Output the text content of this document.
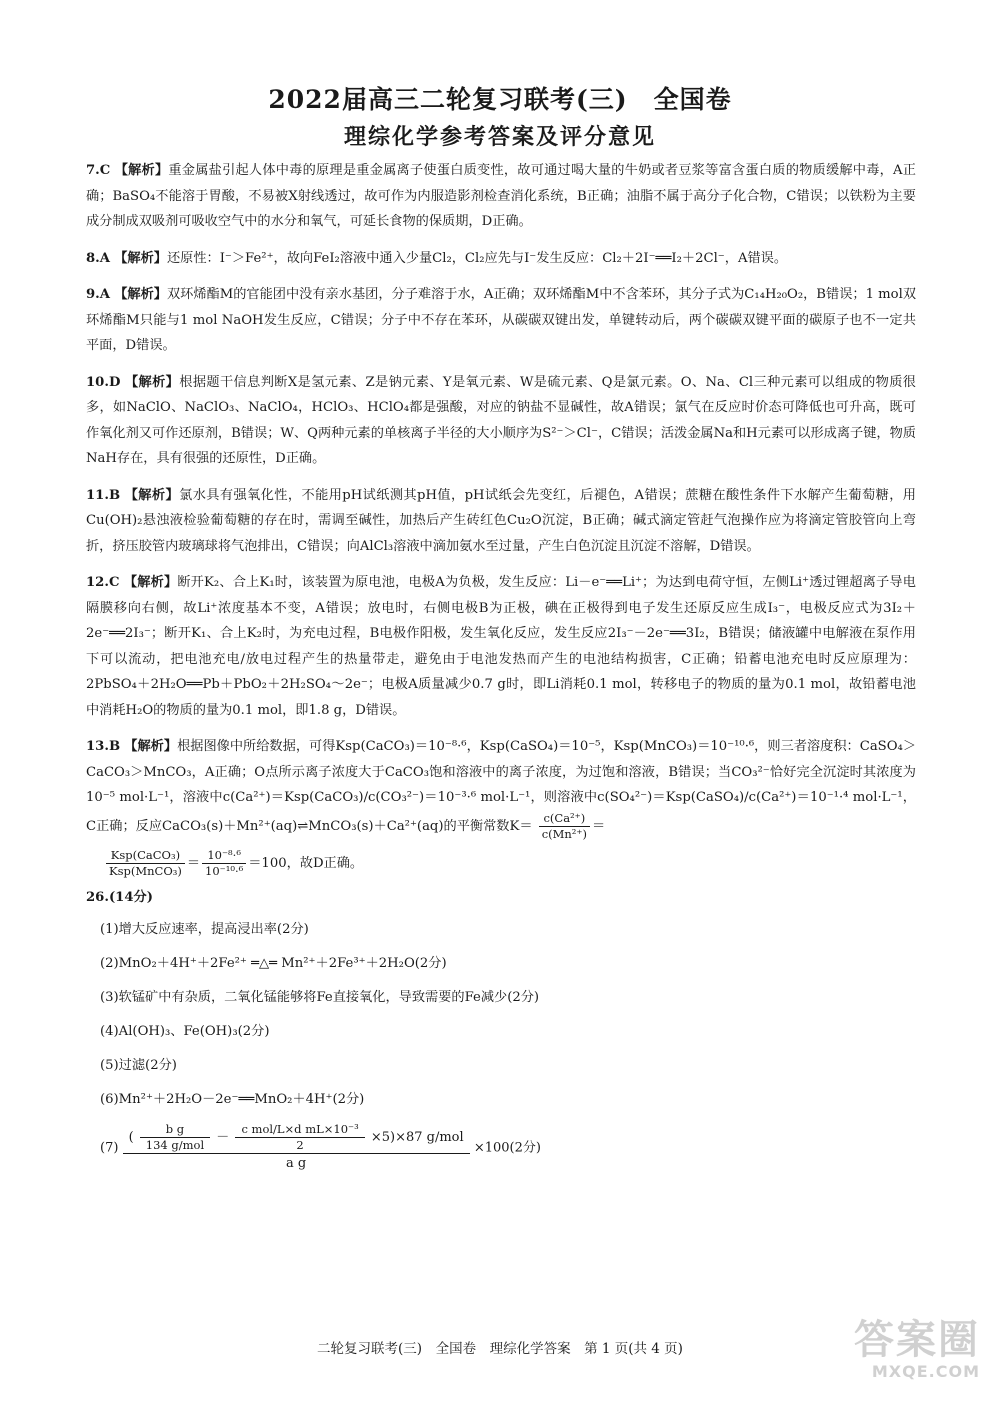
2022届高三二轮复习联考(三)　全国卷
理综化学参考答案及评分意见

7.C 【解析】重金属盐引起人体中毒的原理是重金属离子使蛋白质变性，故可通过喝大量的牛奶或者豆浆等富含蛋白质的物质缓解中毒，A正确；BaSO₄不能溶于胃酸，不易被X射线透过，故可作为内服造影剂检查消化系统，B正确；油脂不属于高分子化合物，C错误；以铁粉为主要成分制成双吸剂可吸收空气中的水分和氧气，可延长食物的保质期，D正确。

8.A 【解析】还原性：I⁻＞Fe²⁺，故向FeI₂溶液中通入少量Cl₂，Cl₂应先与I⁻发生反应：Cl₂＋2I⁻══I₂＋2Cl⁻，A错误。

9.A 【解析】双环烯酯M的官能团中没有亲水基团，分子难溶于水，A正确；双环烯酯M中不含苯环，其分子式为C₁₄H₂₀O₂，B错误；1 mol双环烯酯M只能与1 mol NaOH发生反应，C错误；分子中不存在苯环，从碳碳双键出发，单键转动后，两个碳碳双键平面的碳原子也不一定共平面，D错误。

10.D 【解析】根据题干信息判断X是氢元素、Z是钠元素、Y是氧元素、W是硫元素、Q是氯元素。O、Na、Cl三种元素可以组成的物质很多，如NaClO、NaClO₃、NaClO₄，HClO₃、HClO₄都是强酸，对应的钠盐不显碱性，故A错误；氯气在反应时价态可降低也可升高，既可作氧化剂又可作还原剂，B错误；W、Q两种元素的单核离子半径的大小顺序为S²⁻＞Cl⁻，C错误；活泼金属Na和H元素可以形成离子键，物质NaH存在，具有很强的还原性，D正确。

11.B 【解析】氯水具有强氧化性，不能用pH试纸测其pH值，pH试纸会先变红，后褪色，A错误；蔗糖在酸性条件下水解产生葡萄糖，用Cu(OH)₂悬浊液检验葡萄糖的存在时，需调至碱性，加热后产生砖红色Cu₂O沉淀，B正确；碱式滴定管赶气泡操作应为将滴定管胶管向上弯折，挤压胶管内玻璃球将气泡排出，C错误；向AlCl₃溶液中滴加氨水至过量，产生白色沉淀且沉淀不溶解，D错误。

12.C 【解析】断开K₂、合上K₁时，该装置为原电池，电极A为负极，发生反应：Li－e⁻══Li⁺；为达到电荷守恒，左侧Li⁺透过锂超离子导电隔膜移向右侧，故Li⁺浓度基本不变，A错误；放电时，右侧电极B为正极，碘在正极得到电子发生还原反应生成I₃⁻，电极反应式为3I₂＋2e⁻══2I₃⁻；断开K₁、合上K₂时，为充电过程，B电极作阳极，发生氧化反应，发生反应2I₃⁻－2e⁻══3I₂，B错误；储液罐中电解液在泵作用下可以流动，把电池充电/放电过程产生的热量带走，避免由于电池发热而产生的电池结构损害，C正确；铅蓄电池充电时反应原理为：2PbSO₄＋2H₂O══Pb＋PbO₂＋2H₂SO₄～2e⁻；电极A质量减少0.7 g时，即Li消耗0.1 mol，转移电子的物质的量为0.1 mol，故铅蓄电池中消耗H₂O的物质的量为0.1 mol，即1.8 g，D错误。

13.B 【解析】根据图像中所给数据，可得Ksp(CaCO₃)＝10⁻⁸·⁶，Ksp(CaSO₄)＝10⁻⁵，Ksp(MnCO₃)＝10⁻¹⁰·⁶，则三者溶度积：CaSO₄＞CaCO₃＞MnCO₃，A正确；O点所示离子浓度大于CaCO₃饱和溶液中的离子浓度，为过饱和溶液，B错误；当CO₃²⁻恰好完全沉淀时其浓度为10⁻⁵ mol·L⁻¹，溶液中c(Ca²⁺)＝Ksp(CaCO₃)/c(CO₃²⁻)＝10⁻³·⁶ mol·L⁻¹，则溶液中c(SO₄²⁻)＝Ksp(CaSO₄)/c(Ca²⁺)＝10⁻¹·⁴ mol·L⁻¹，C正确；反应CaCO₃(s)＋Mn²⁺(aq)⇌MnCO₃(s)＋Ca²⁺(aq)的平衡常数$K= \frac{\text{c(Ca²⁺)}}{\text{c(Mn²⁺)}}$ ＝

$\frac{\text{Ksp(CaCO₃)}}{\text{Ksp(MnCO₃)}} = \frac{\text{10⁻⁸·⁶}}{\text{10⁻¹⁰·⁶}} =100$，故D正确。
26.(14分)
(1)增大反应速率，提高浸出率(2分)
(2)MnO₂＋4H⁺＋2Fe²⁺ ═△═ Mn²⁺＋2Fe³⁺＋2H₂O(2分)
(3)软锰矿中有杂质，二氧化锰能够将Fe直接氧化，导致需要的Fe减少(2分)
(4)Al(OH)₃、Fe(OH)₃(2分)
(5)过滤(2分)
(6)Mn²⁺＋2H₂O－2e⁻══MnO₂＋4H⁺(2分)
(7)
( $\frac{\text{b g}}{\text{134 g/mol}} - \frac{\text{c mol/L×d mL×10⁻³}}{2} \times 5)\times 87$ g/mol
a g
×100(2分)
二轮复习联考(三)　全国卷　理综化学答案　第 1 页(共 4 页)	答案圈
MXQE.COM
